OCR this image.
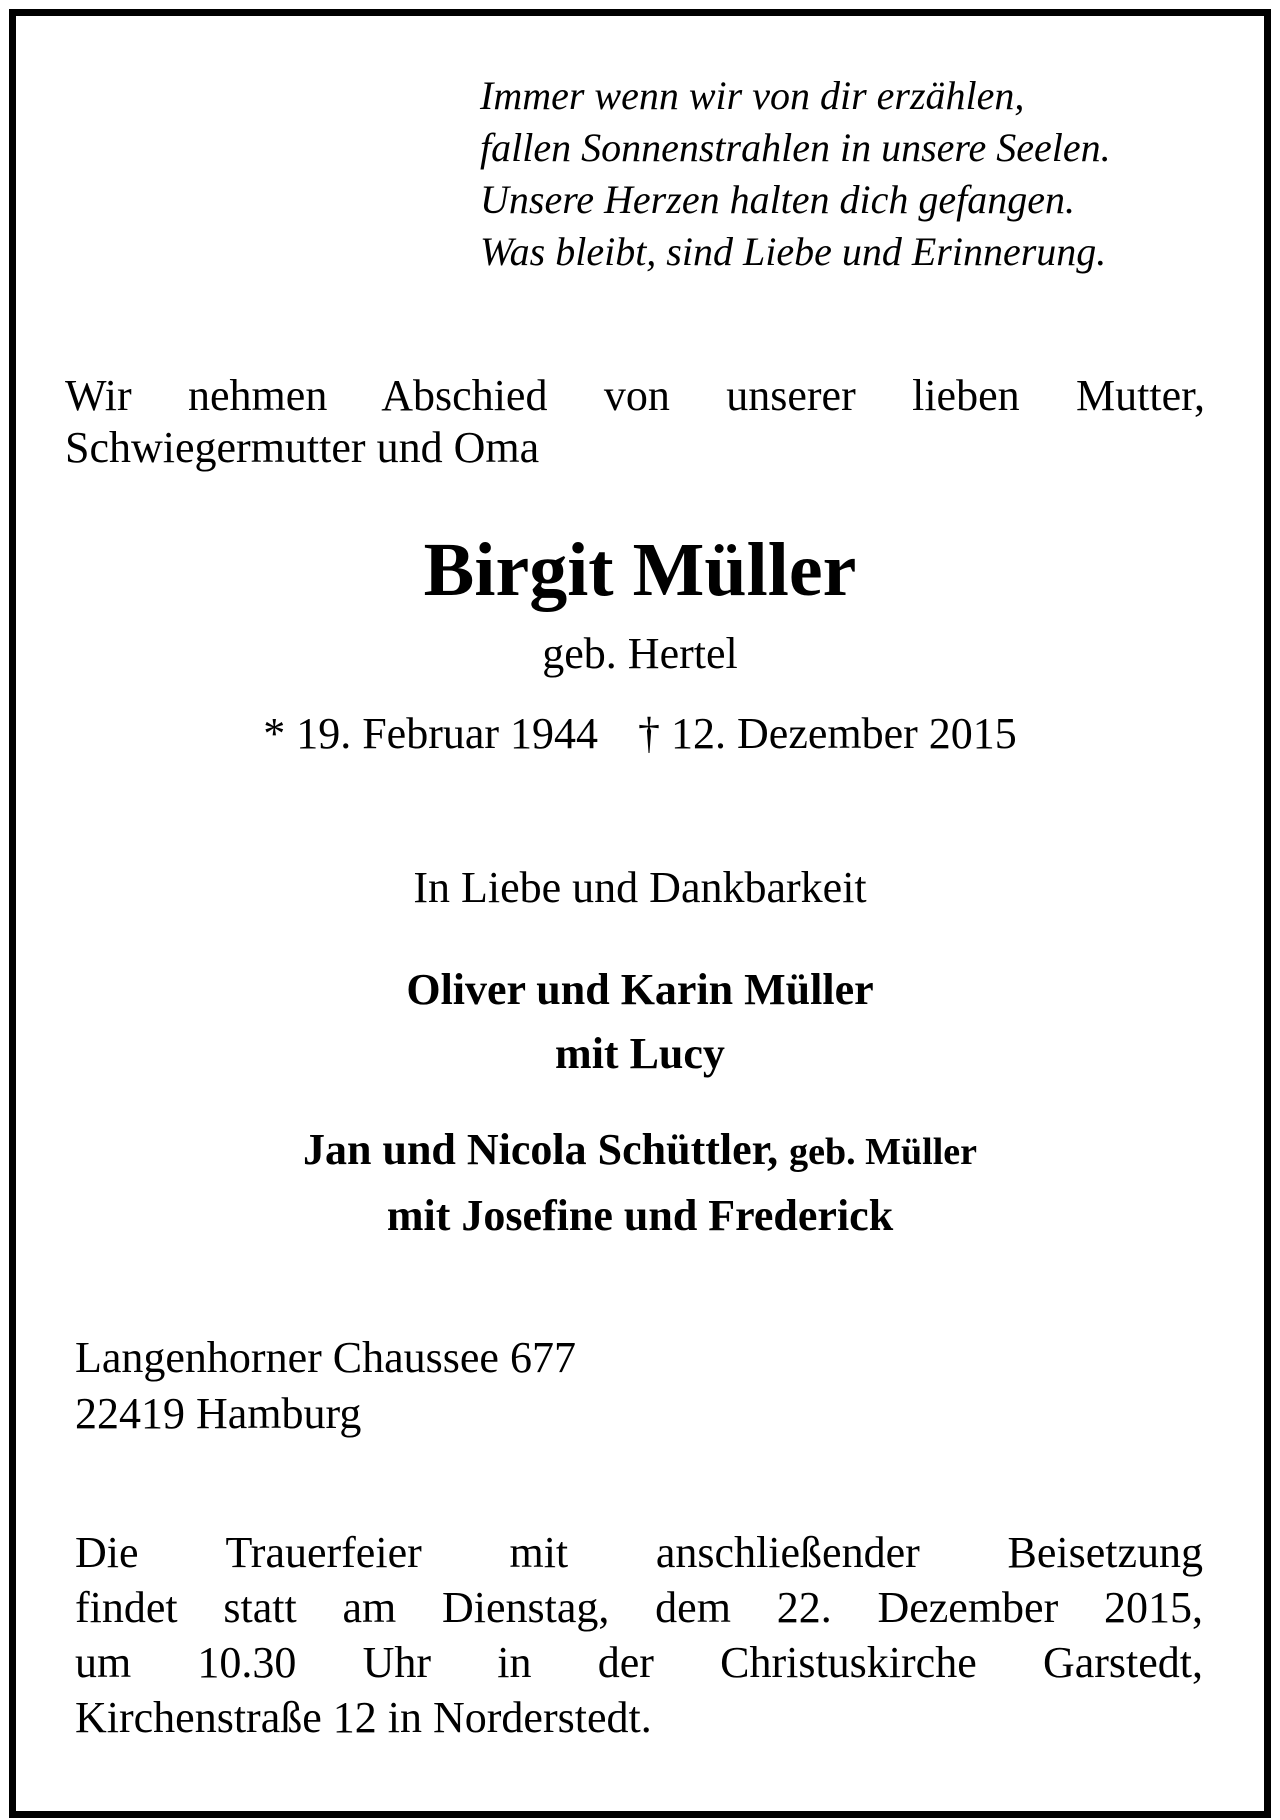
Immer wenn wir von dir erzählen,
fallen Sonnenstrahlen in unsere Seelen.
Unsere Herzen halten dich gefangen.
Was bleibt, sind Liebe und Erinnerung.
Wir nehmen Abschied von unserer lieben Mutter,
Schwiegermutter und Oma
Birgit Müller
geb. Hertel
* 19. Februar 1944 † 12. Dezember 2015
In Liebe und Dankbarkeit
Oliver und Karin Müller
mit Lucy
Jan und Nicola Schüttler, geb. Müller
mit Josefine und Frederick
Langenhorner Chaussee 677
22419 Hamburg
Die Trauerfeier mit anschließender Beisetzung
findet statt am Dienstag, dem 22. Dezember 2015,
um 10.30 Uhr in der Christuskirche Garstedt,
Kirchenstraße 12 in Norderstedt.
